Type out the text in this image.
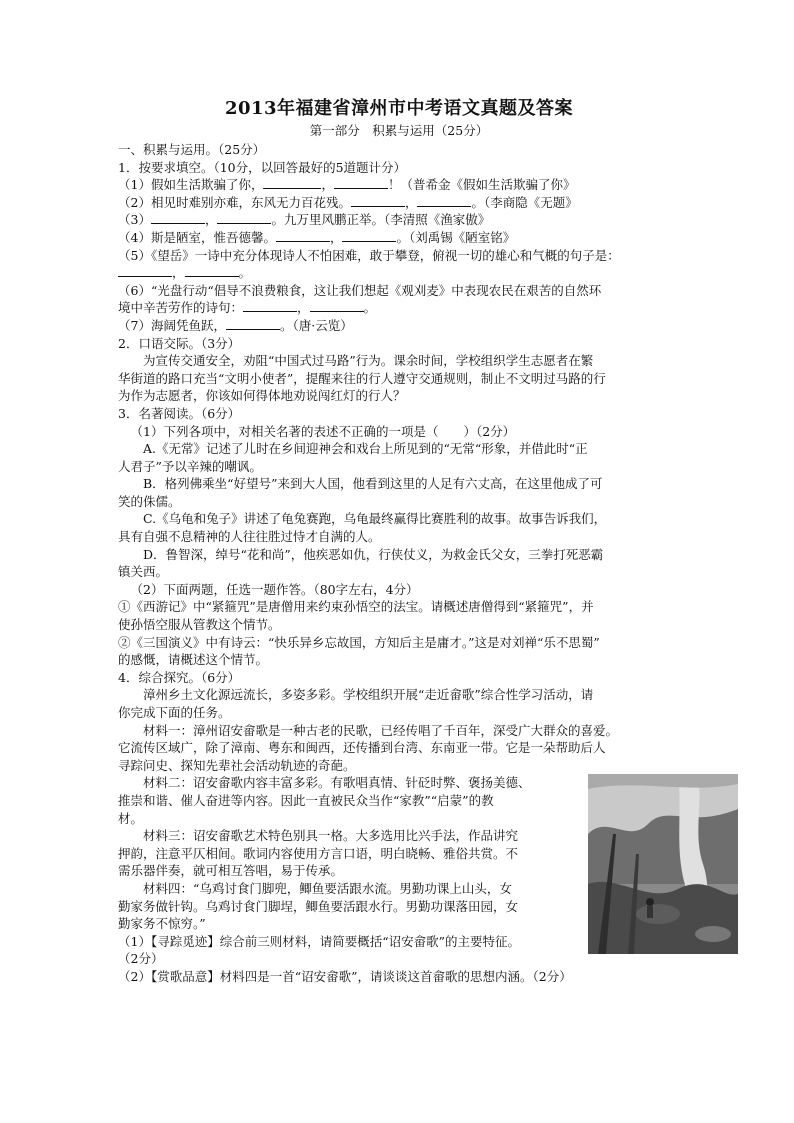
2013年福建省漳州市中考语文真题及答案

第一部分　积累与运用（25分）

一、积累与运用。（25分）

1．按要求填空。（10分，以回答最好的5道题计分）

（1）假如生活欺骗了你，	，	！（普希金《假如生活欺骗了你》

（2）相见时难别亦难，东风无力百花残。	，	。（李商隐《无题》

（3）	，	。九万里风鹏正举。（李清照《渔家傲》

（4）斯是陋室，惟吾德馨。	，	。（刘禹锡《陋室铭》

（5）《望岳》一诗中充分体现诗人不怕困难，敢于攀登，俯视一切的雄心和气概的句子是：

，	。

（6）“光盘行动“倡导不浪费粮食，这让我们想起《观刈麦》中表现农民在艰苦的自然环

境中辛苦劳作的诗句：	，	。

（7）海阔凭鱼跃，	。（唐·云览）

2．口语交际。（3分）

为宣传交通安全，劝阻“中国式过马路”行为。课余时间，学校组织学生志愿者在繁

华街道的路口充当“文明小使者”，提醒来往的行人遵守交通规则，制止不文明过马路的行

为作为志愿者，你该如何得体地劝说闯红灯的行人？

3．名著阅读。（6分）

（1）下列各项中，对相关名著的表述不正确的一项是（　　）（2分）

A.《无常》记述了儿时在乡间迎神会和戏台上所见到的“无常“形象，并借此时“正

人君子”予以辛辣的嘲讽。

B．格列佛乘坐“好望号”来到大人国，他看到这里的人足有六丈高，在这里他成了可

笑的侏儒。

C.《乌龟和兔子》讲述了龟兔赛跑，乌龟最终赢得比赛胜利的故事。故事告诉我们，

具有自强不息精神的人往往胜过恃才自满的人。

D．鲁智深，绰号“花和尚”，他疾恶如仇，行侠仗义，为救金氏父女，三拳打死恶霸

镇关西。

（2）下面两题，任选一题作答。（80字左右，4分）

①《西游记》中“紧箍咒”是唐僧用来约束孙悟空的法宝。请概述唐僧得到“紧箍咒”，并

使孙悟空服从管教这个情节。

②《三国演义》中有诗云：“快乐异乡忘故国，方知后主是庸才。”这是对刘禅“乐不思蜀”

的感慨，请概述这个情节。

4．综合探究。（6分）

漳州乡土文化源远流长，多姿多彩。学校组织开展“走近畲歌”综合性学习活动，请

你完成下面的任务。

材料一：漳州诏安畲歌是一种古老的民歌，已经传唱了千百年，深受广大群众的喜爱。

它流传区域广，除了漳南、粤东和闽西，还传播到台湾、东南亚一带。它是一朵帮助后人

寻踪问史、探知先辈社会活动轨迹的奇葩。

材料二：诏安畲歌内容丰富多彩。有歌唱真情、针砭时弊、褒扬美德、

推崇和谐、催人奋进等内容。因此一直被民众当作“家教”“启蒙”的教

材。

材料三：诏安畲歌艺术特色别具一格。大多选用比兴手法，作品讲究

押韵，注意平仄相间。歌词内容使用方言口语，明白晓畅、雅俗共赏。不

需乐器伴奏，就可相互答唱，易于传承。

材料四：“乌鸡讨食门脚兜，鲫鱼要活跟水流。男勤功课上山头，女

勤家务做针钩。乌鸡讨食门脚埕，鲫鱼要活跟水行。男勤功课落田园，女

勤家务不惊穷。”

（1）【寻踪觅迹】综合前三则材料，请简要概括“诏安畲歌”的主要特征。

（2分）

（2）【赏歌品意】材料四是一首“诏安畲歌”，请谈谈这首畲歌的思想内涵。（2分）
